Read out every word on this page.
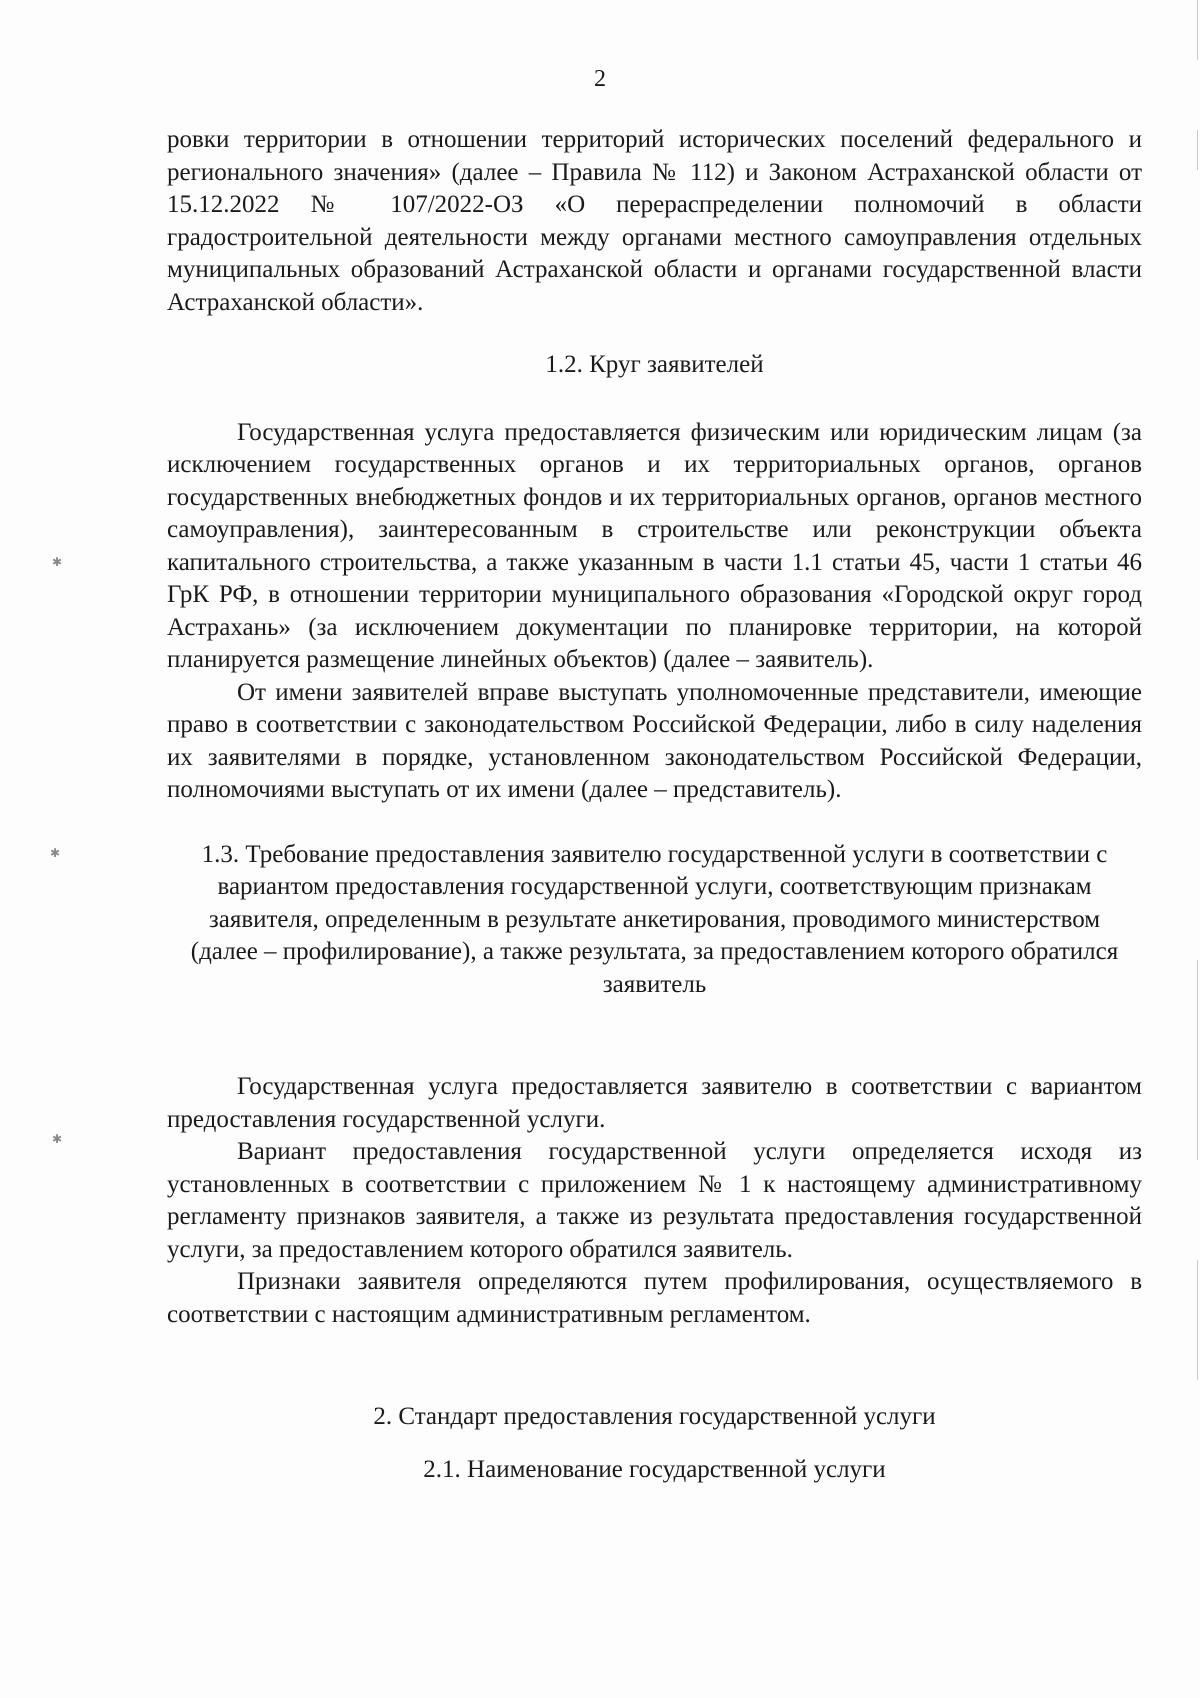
✱
✱
✱
2

ровки территории в отношении территорий исторических поселений федерального и регионального значения» (далее – Правила № 112) и Законом Астраханской области от 15.12.2022 № 107/2022-ОЗ «О перераспределении полномочий в области градостроительной деятельности между органами местного самоуправления отдельных муниципальных образований Астраханской области и органами государственной власти Астраханской области».

1.2. Круг заявителей

Государственная услуга предоставляется физическим или юридическим лицам (за исключением государственных органов и их территориальных органов, органов государственных внебюджетных фондов и их территориальных органов, органов местного самоуправления), заинтересованным в строительстве или реконструкции объекта капитального строительства, а также указанным в части 1.1 статьи 45, части 1 статьи 46 ГрК РФ, в отношении территории муниципального образования «Городской округ город Астрахань» (за исключением документации по планировке территории, на которой планируется размещение линейных объектов) (далее – заявитель).

От имени заявителей вправе выступать уполномоченные представители, имеющие право в соответствии с законодательством Российской Федерации, либо в силу наделения их заявителями в порядке, установленном законодательством Российской Федерации, полномочиями выступать от их имени (далее – представитель).

1.3. Требование предоставления заявителю государственной услуги в соответствии с вариантом предоставления государственной услуги, соответствующим признакам заявителя, определенным в результате анкетирования, проводимого министерством (далее – профилирование), а также результата, за предоставлением которого обратился заявитель

Государственная услуга предоставляется заявителю в соответствии с вариантом предоставления государственной услуги.

Вариант предоставления государственной услуги определяется исходя из установленных в соответствии с приложением № 1 к настоящему административному регламенту признаков заявителя, а также из результата предоставления государственной услуги, за предоставлением которого обратился заявитель.

Признаки заявителя определяются путем профилирования, осуществляемого в соответствии с настоящим административным регламентом.

2. Стандарт предоставления государственной услуги
2.1. Наименование государственной услуги
